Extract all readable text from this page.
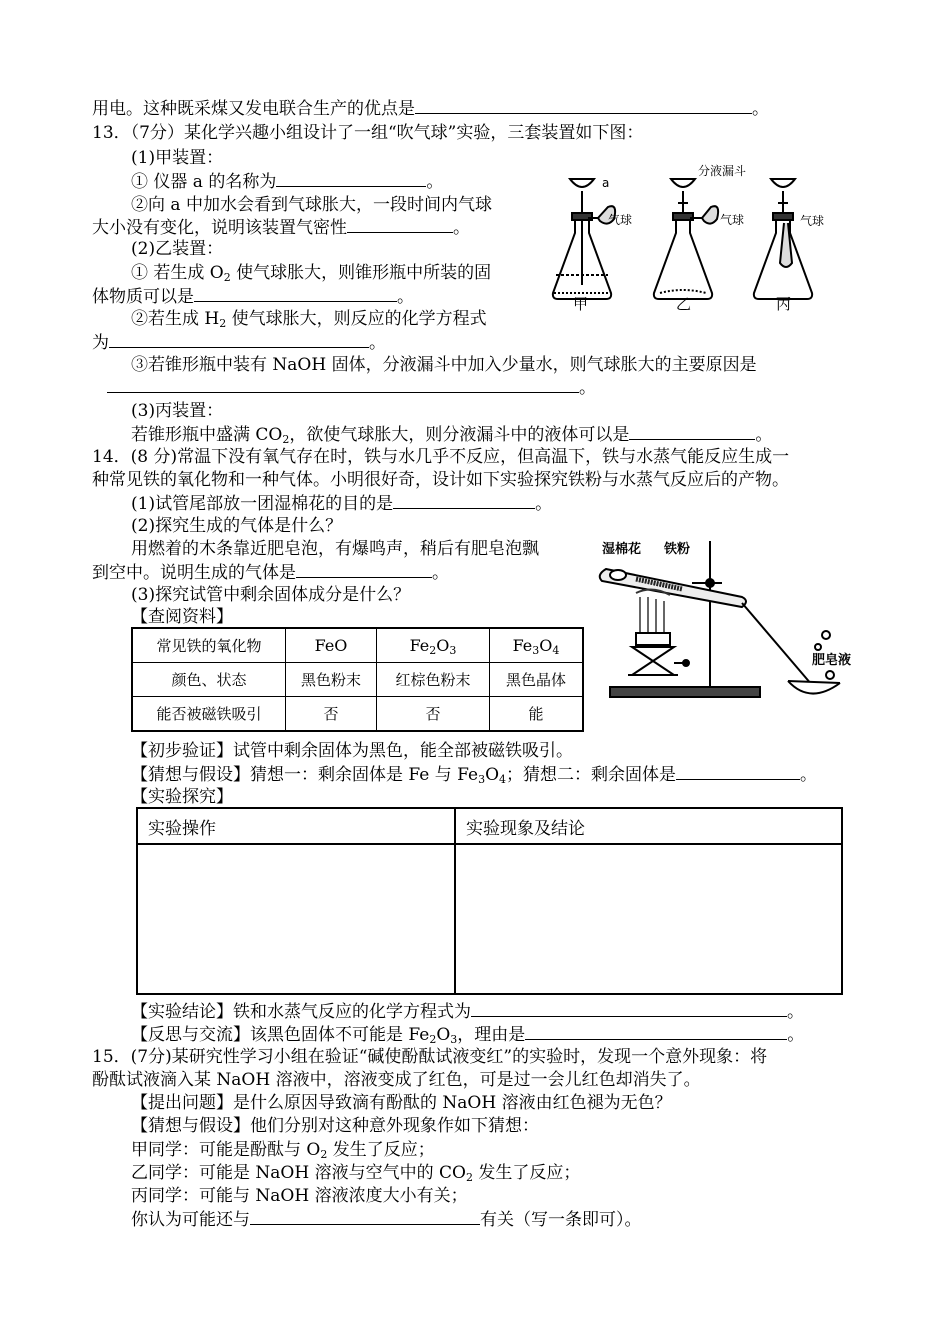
用电。这种既采煤又发电联合生产的优点是	。
13．（7分）某化学兴趣小组设计了一组“吹气球”实验，三套装置如下图：
(1)甲装置：
① 仪器 a 的名称为	。
②向 a 中加水会看到气球胀大，一段时间内气球
大小没有变化，说明该装置气密性	。
(2)乙装置：
① 若生成 $O_2$ 使气球胀大，则锥形瓶中所装的固
体物质可以是	。
②若生成 $H_2$ 使气球胀大，则反应的化学方程式
为	。
③若锥形瓶中装有 NaOH 固体，分液漏斗中加入少量水，则气球胀大的主要原因是
。
(3)丙装置：
若锥形瓶中盛满 $CO_2$，欲使气球胀大，则分液漏斗中的液体可以是	。
a
气球
分液漏斗
气球	气球
甲	乙	丙
14．(8 分)常温下没有氧气存在时，铁与水几乎不反应，但高温下，铁与水蒸气能反应生成一
种常见铁的氧化物和一种气体。小明很好奇，设计如下实验探究铁粉与水蒸气反应后的产物。
(1)试管尾部放一团湿棉花的目的是	。
(2)探究生成的气体是什么？
用燃着的木条靠近肥皂泡，有爆鸣声，稍后有肥皂泡飘
到空中。说明生成的气体是	。
(3)探究试管中剩余固体成分是什么？
【查阅资料】
常见铁的氧化物	FeO	$Fe_2O_3$	$Fe_3O_4$
颜色、状态	黑色粉末	红棕色粉末	黑色晶体
能否被磁铁吸引	否	否	能
湿棉花 铁粉
肥皂液
【初步验证】试管中剩余固体为黑色，能全部被磁铁吸引。
【猜想与假设】猜想一：剩余固体是 Fe 与 $Fe_3O_4$；猜想二：剩余固体是	。
【实验探究】
实验操作	实验现象及结论

【实验结论】铁和水蒸气反应的化学方程式为	。
【反思与交流】该黑色固体不可能是 $Fe_2O_3$，理由是	。
15．(7分)某研究性学习小组在验证“碱使酚酞试液变红”的实验时，发现一个意外现象：将
酚酞试液滴入某 NaOH 溶液中，溶液变成了红色，可是过一会儿红色却消失了。
【提出问题】是什么原因导致滴有酚酞的 NaOH 溶液由红色褪为无色？
【猜想与假设】他们分别对这种意外现象作如下猜想：
甲同学：可能是酚酞与 $O_2$ 发生了反应；
乙同学：可能是 NaOH 溶液与空气中的 $CO_2$ 发生了反应；
丙同学：可能与 NaOH 溶液浓度大小有关；
你认为可能还与	有关（写一条即可）。
